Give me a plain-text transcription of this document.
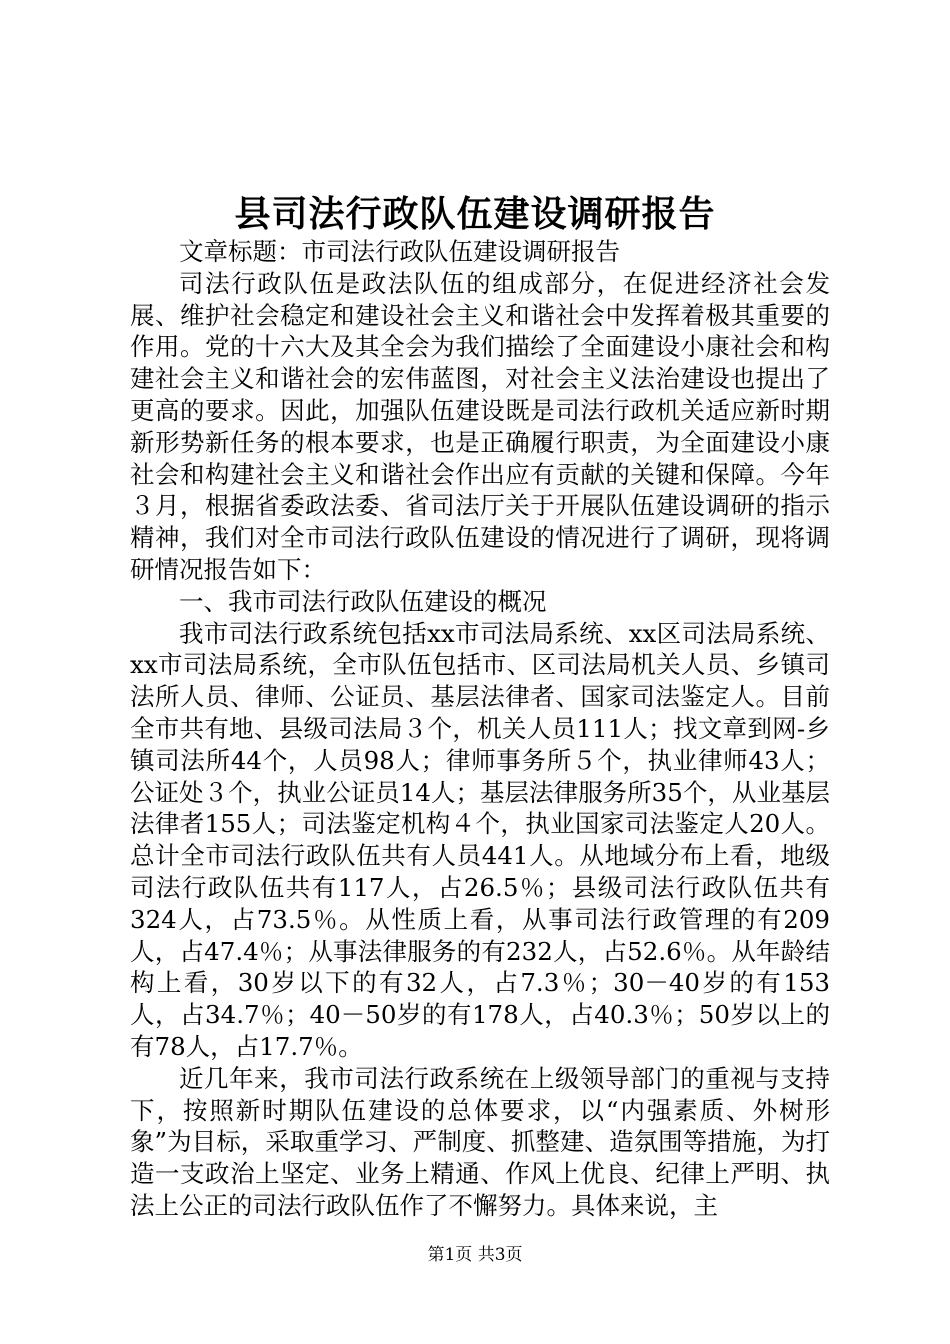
县司法行政队伍建设调研报告

文章标题：市司法行政队伍建设调研报告

司法行政队伍是政法队伍的组成部分，在促进经济社会发展、维护社会稳定和建设社会主义和谐社会中发挥着极其重要的作用。党的十六大及其全会为我们描绘了全面建设小康社会和构建社会主义和谐社会的宏伟蓝图，对社会主义法治建设也提出了更高的要求。因此，加强队伍建设既是司法行政机关适应新时期新形势新任务的根本要求，也是正确履行职责，为全面建设小康社会和构建社会主义和谐社会作出应有贡献的关键和保障。今年３月，根据省委政法委、省司法厅关于开展队伍建设调研的指示精神，我们对全市司法行政队伍建设的情况进行了调研，现将调研情况报告如下：

一、我市司法行政队伍建设的概况

我市司法行政系统包括xx市司法局系统、xx区司法局系统、xx市司法局系统，全市队伍包括市、区司法局机关人员、乡镇司法所人员、律师、公证员、基层法律者、国家司法鉴定人。目前全市共有地、县级司法局３个，机关人员111人；找文章到网-乡镇司法所44个，人员98人；律师事务所５个，执业律师43人；公证处３个，执业公证员14人；基层法律服务所35个，从业基层法律者155人；司法鉴定机构４个，执业国家司法鉴定人20人。总计全市司法行政队伍共有人员441人。从地域分布上看，地级司法行政队伍共有117人，占26.5％；县级司法行政队伍共有324人，占73.5％。从性质上看，从事司法行政管理的有209人，占47.4％；从事法律服务的有232人，占52.6％。从年龄结构上看，30岁以下的有32人，占7.3％；30－40岁的有153人，占34.7％；40－50岁的有178人，占40.3％；50岁以上的有78人，占17.7％。

近几年来，我市司法行政系统在上级领导部门的重视与支持下，按照新时期队伍建设的总体要求，以“内强素质、外树形象”为目标，采取重学习、严制度、抓整建、造氛围等措施，为打造一支政治上坚定、业务上精通、作风上优良、纪律上严明、执法上公正的司法行政队伍作了不懈努力。具体来说，主

第1页 共3页
